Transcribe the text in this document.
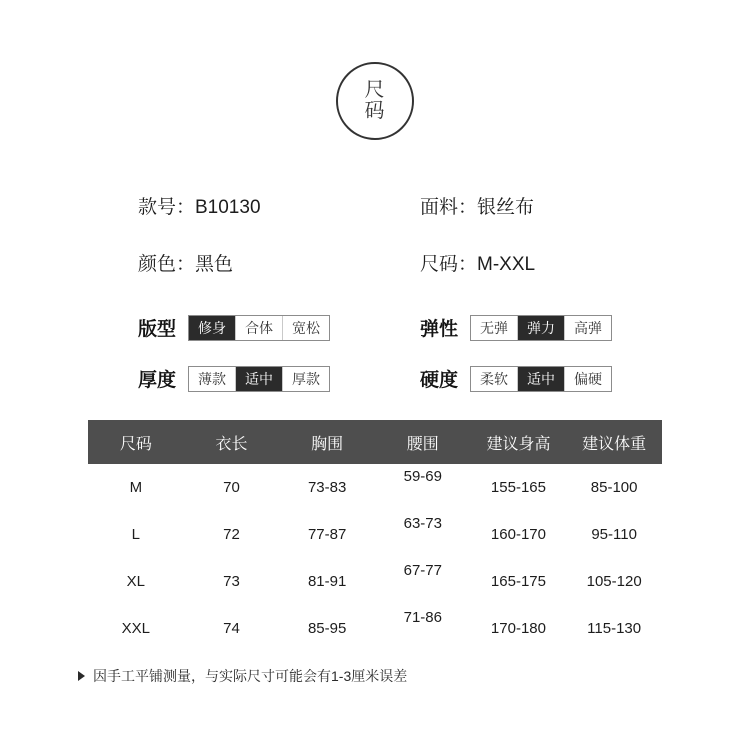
尺
码
款号：B10130	面料：银丝布
颜色：黑色	尺码：M-XXL
版型	修身	合体	宽松	弹性	无弹	弹力	高弹
厚度	薄款	适中	厚款	硬度	柔软	适中	偏硬
尺码	衣长	胸围	腰围	建议身高	建议体重
M	70	73-83	59-69	155-165	85-100
L	72	77-87	63-73	160-170	95-110
XL	73	81-91	67-77	165-175	105-120
XXL	74	85-95	71-86	170-180	115-130
因手工平铺测量，与实际尺寸可能会有1-3厘米误差
